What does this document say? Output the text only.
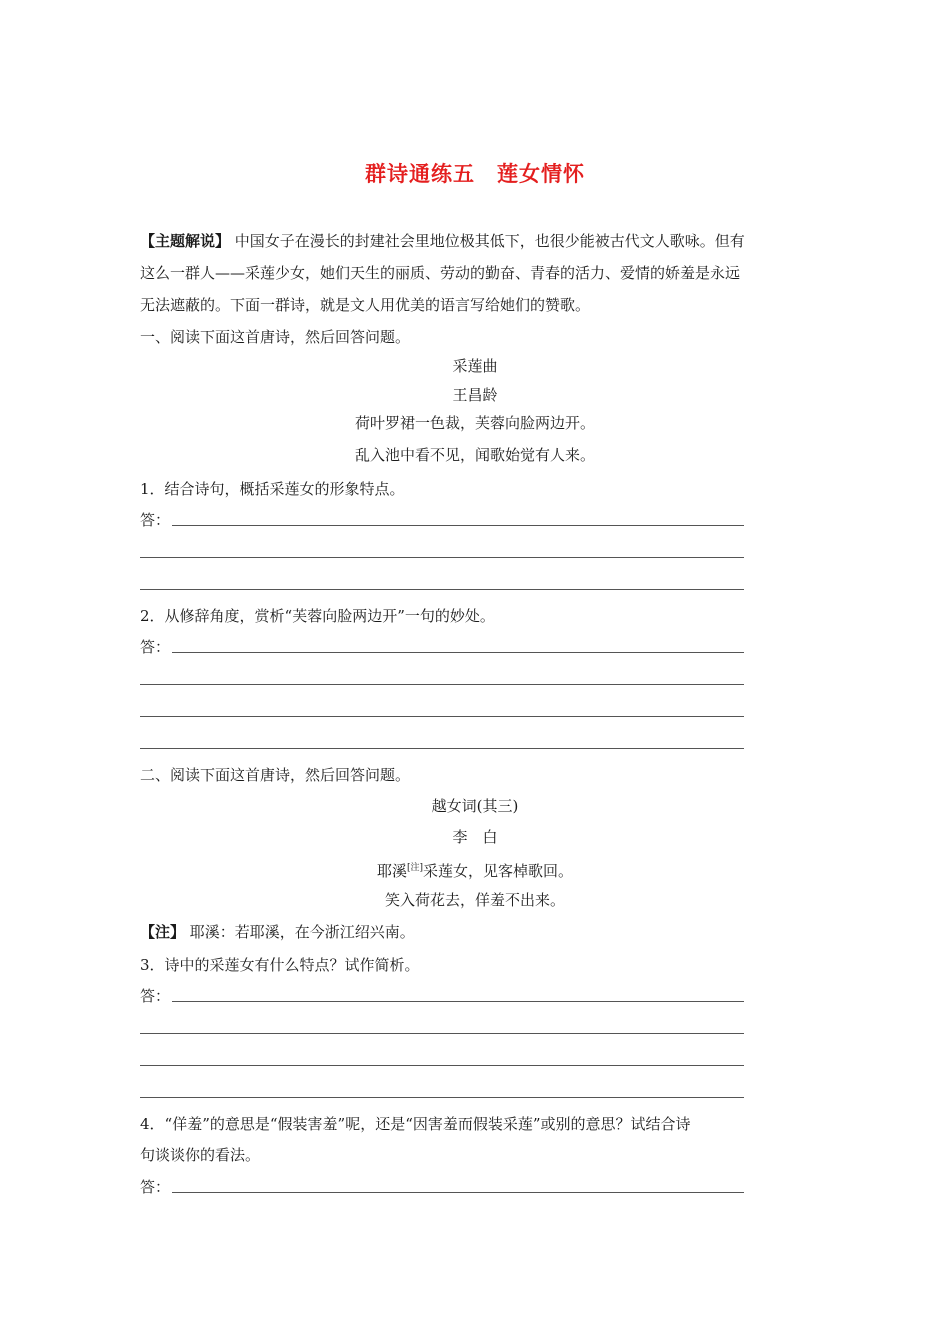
群诗通练五　莲女情怀
【主题解说】 中国女子在漫长的封建社会里地位极其低下，也很少能被古代文人歌咏。但有
这么一群人——采莲少女，她们天生的丽质、劳动的勤奋、青春的活力、爱情的娇羞是永远
无法遮蔽的。下面一群诗，就是文人用优美的语言写给她们的赞歌。
一、阅读下面这首唐诗，然后回答问题。
采莲曲
王昌龄
荷叶罗裙一色裁，芙蓉向脸两边开。
乱入池中看不见，闻歌始觉有人来。
1．结合诗句，概括采莲女的形象特点。
答：
2．从修辞角度，赏析“芙蓉向脸两边开”一句的妙处。
答：
二、阅读下面这首唐诗，然后回答问题。
越女词(其三)
李　白
耶溪[注]采莲女，见客棹歌回。
笑入荷花去，佯羞不出来。
【注】 耶溪：若耶溪，在今浙江绍兴南。
3．诗中的采莲女有什么特点？试作简析。
答：
4．“佯羞”的意思是“假装害羞”呢，还是“因害羞而假装采莲”或别的意思？试结合诗
句谈谈你的看法。
答：
